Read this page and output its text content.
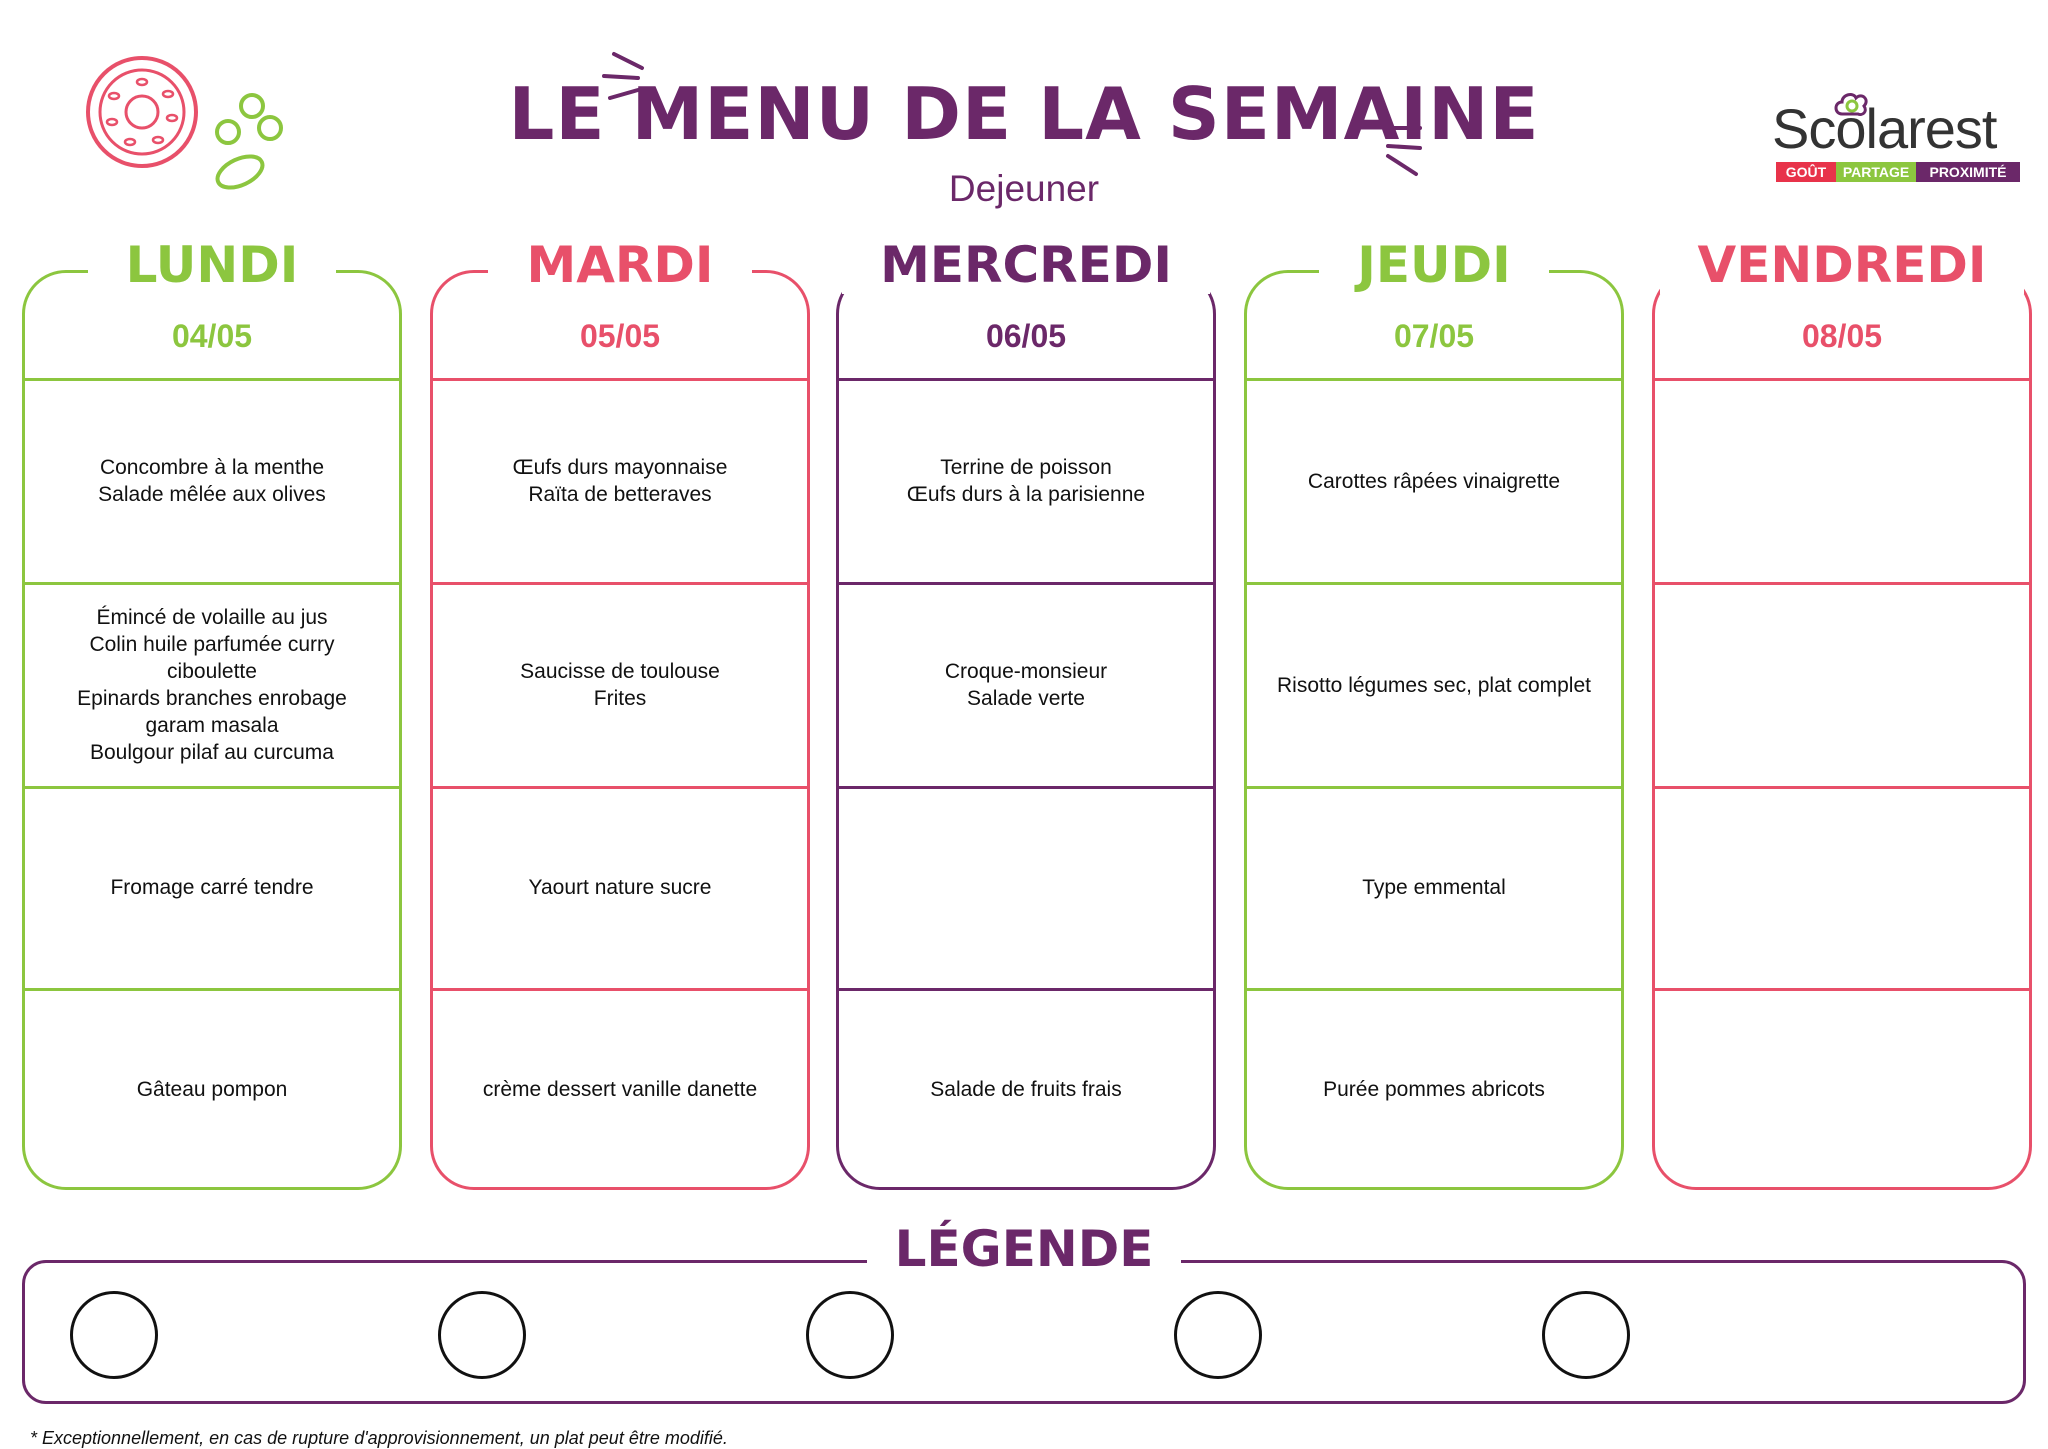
LE MENU DE LA SEMAINE
Dejeuner
Scolarest
GOÛT	PARTAGE	PROXIMITÉ
LUNDI
04/05
Concombre à la menthe
Salade mêlée aux olives
Émincé de volaille au jus
Colin huile parfumée curry ciboulette
Epinards branches enrobage garam masala
Boulgour pilaf au curcuma
Fromage carré tendre
Gâteau pompon
MARDI
05/05
Œufs durs mayonnaise
Raïta de betteraves
Saucisse de toulouse
Frites
Yaourt nature sucre
crème dessert vanille danette
MERCREDI
06/05
Terrine de poisson
Œufs durs à la parisienne
Croque-monsieur
Salade verte
Salade de fruits frais
JEUDI
07/05
Carottes râpées vinaigrette
Risotto légumes sec, plat complet
Type emmental
Purée pommes abricots
VENDREDI
08/05
LÉGENDE
* Exceptionnellement, en cas de rupture d'approvisionnement, un plat peut être modifié.
